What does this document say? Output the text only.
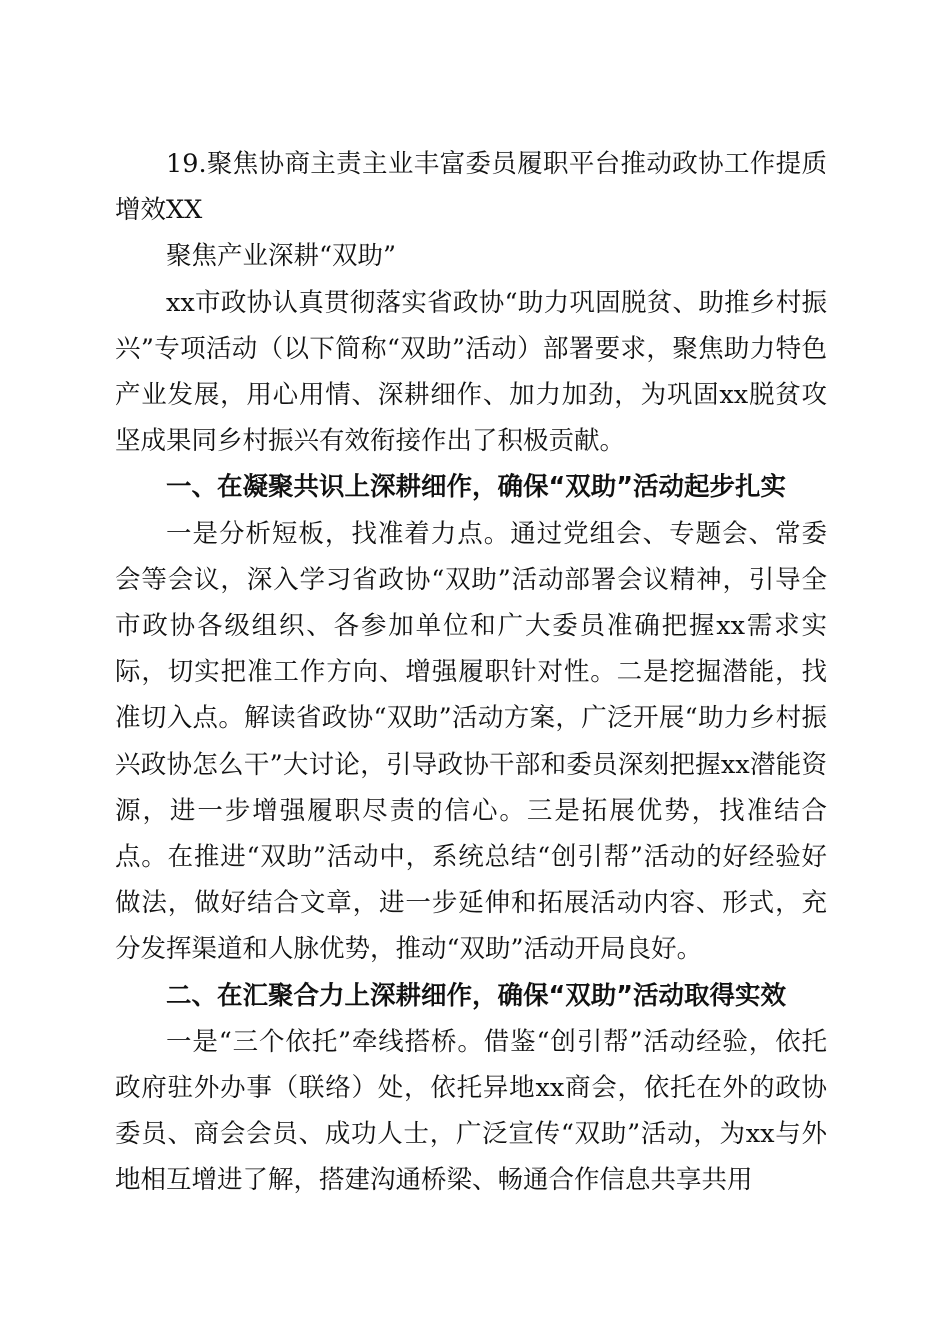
19.聚焦协商主责主业丰富委员履职平台推动政协工作提质增效XX

聚焦产业深耕“双助”

xx市政协认真贯彻落实省政协“助力巩固脱贫、助推乡村振兴”专项活动（以下简称“双助”活动）部署要求，聚焦助力特色产业发展，用心用情、深耕细作、加力加劲，为巩固xx脱贫攻坚成果同乡村振兴有效衔接作出了积极贡献。

一、在凝聚共识上深耕细作，确保“双助”活动起步扎实

一是分析短板，找准着力点。通过党组会、专题会、常委会等会议，深入学习省政协“双助”活动部署会议精神，引导全市政协各级组织、各参加单位和广大委员准确把握xx需求实际，切实把准工作方向、增强履职针对性。二是挖掘潜能，找准切入点。解读省政协“双助”活动方案，广泛开展“助力乡村振兴政协怎么干”大讨论，引导政协干部和委员深刻把握xx潜能资源，进一步增强履职尽责的信心。三是拓展优势，找准结合点。在推进“双助”活动中，系统总结“创引帮”活动的好经验好做法，做好结合文章，进一步延伸和拓展活动内容、形式，充分发挥渠道和人脉优势，推动“双助”活动开局良好。

二、在汇聚合力上深耕细作，确保“双助”活动取得实效

一是“三个依托”牵线搭桥。借鉴“创引帮”活动经验，依托政府驻外办事（联络）处，依托异地xx商会，依托在外的政协委员、商会会员、成功人士，广泛宣传“双助”活动，为xx与外地相互增进了解，搭建沟通桥梁、畅通合作信息共享共用
